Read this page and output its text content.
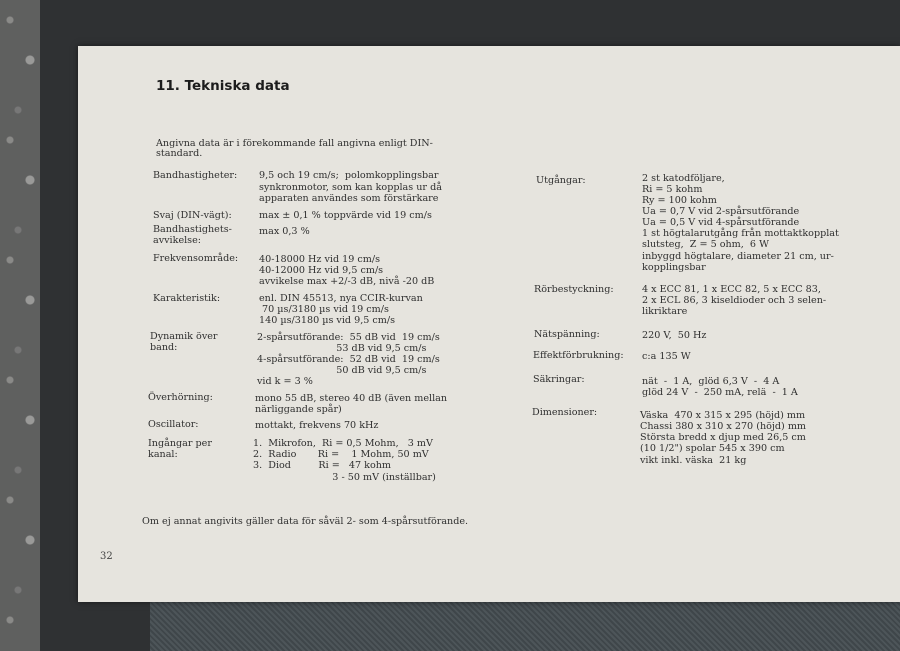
11. Tekniska data
Angivna data är i förekommande fall angivna enligt DIN-
standard.
Bandhastigheter: 9,5 och 19 cm/s;  polomkopplingsbar
synkronmotor, som kan kopplas ur då
apparaten användes som förstärkare
Svaj (DIN-vägt):	max ± 0,1 % toppvärde vid 19 cm/s
Bandhastighets-
avvikelse:
max 0,3 %
Frekvensområde: 40-18000 Hz vid 19 cm/s
40-12000 Hz vid 9,5 cm/s
avvikelse max +2/-3 dB, nivå -20 dB
Karakteristik:	enl. DIN 45513, nya CCIR-kurvan
70 µs/3180 µs vid 19 cm/s
140 µs/3180 µs vid 9,5 cm/s
Dynamik över
band:
2-spårsutförande:  55 dB vid  19 cm/s
53 dB vid 9,5 cm/s
4-spårsutförande:  52 dB vid  19 cm/s
50 dB vid 9,5 cm/s
vid k = 3 %
Överhörning:	mono 55 dB, stereo 40 dB (även mellan
närliggande spår)
Oscillator:	mottakt, frekvens 70 kHz
Ingångar per
kanal:
1.  Mikrofon,  Ri = 0,5 Mohm,   3 mV
2.  Radio       Ri =    1 Mohm, 50 mV
3.  Diod         Ri =   47 kohm
3 - 50 mV (inställbar)
Utgångar:	2 st katodföljare,
Ri = 5 kohm
Ry = 100 kohm
Ua = 0,7 V vid 2-spårsutförande
Ua = 0,5 V vid 4-spårsutförande
1 st högtalarutgång från mottaktkopplat
slutsteg,  Z = 5 ohm,  6 W
inbyggd högtalare, diameter 21 cm, ur-
kopplingsbar
Rörbestyckning:	4 x ECC 81, 1 x ECC 82, 5 x ECC 83,
2 x ECL 86, 3 kiseldioder och 3 selen-
likriktare
Nätspänning:	220 V,  50 Hz
Effektförbrukning: c:a 135 W
Säkringar:	nät  -  1 A,  glöd 6,3 V  -  4 A
glöd 24 V  -  250 mA, relä  -  1 A
Dimensioner:	Väska  470 x 315 x 295 (höjd) mm
Chassi 380 x 310 x 270 (höjd) mm
Största bredd x djup med 26,5 cm
(10 1/2") spolar 545 x 390 cm
vikt inkl. väska  21 kg
Om ej annat angivits gäller data för såväl 2- som 4-spårsutförande.
32
